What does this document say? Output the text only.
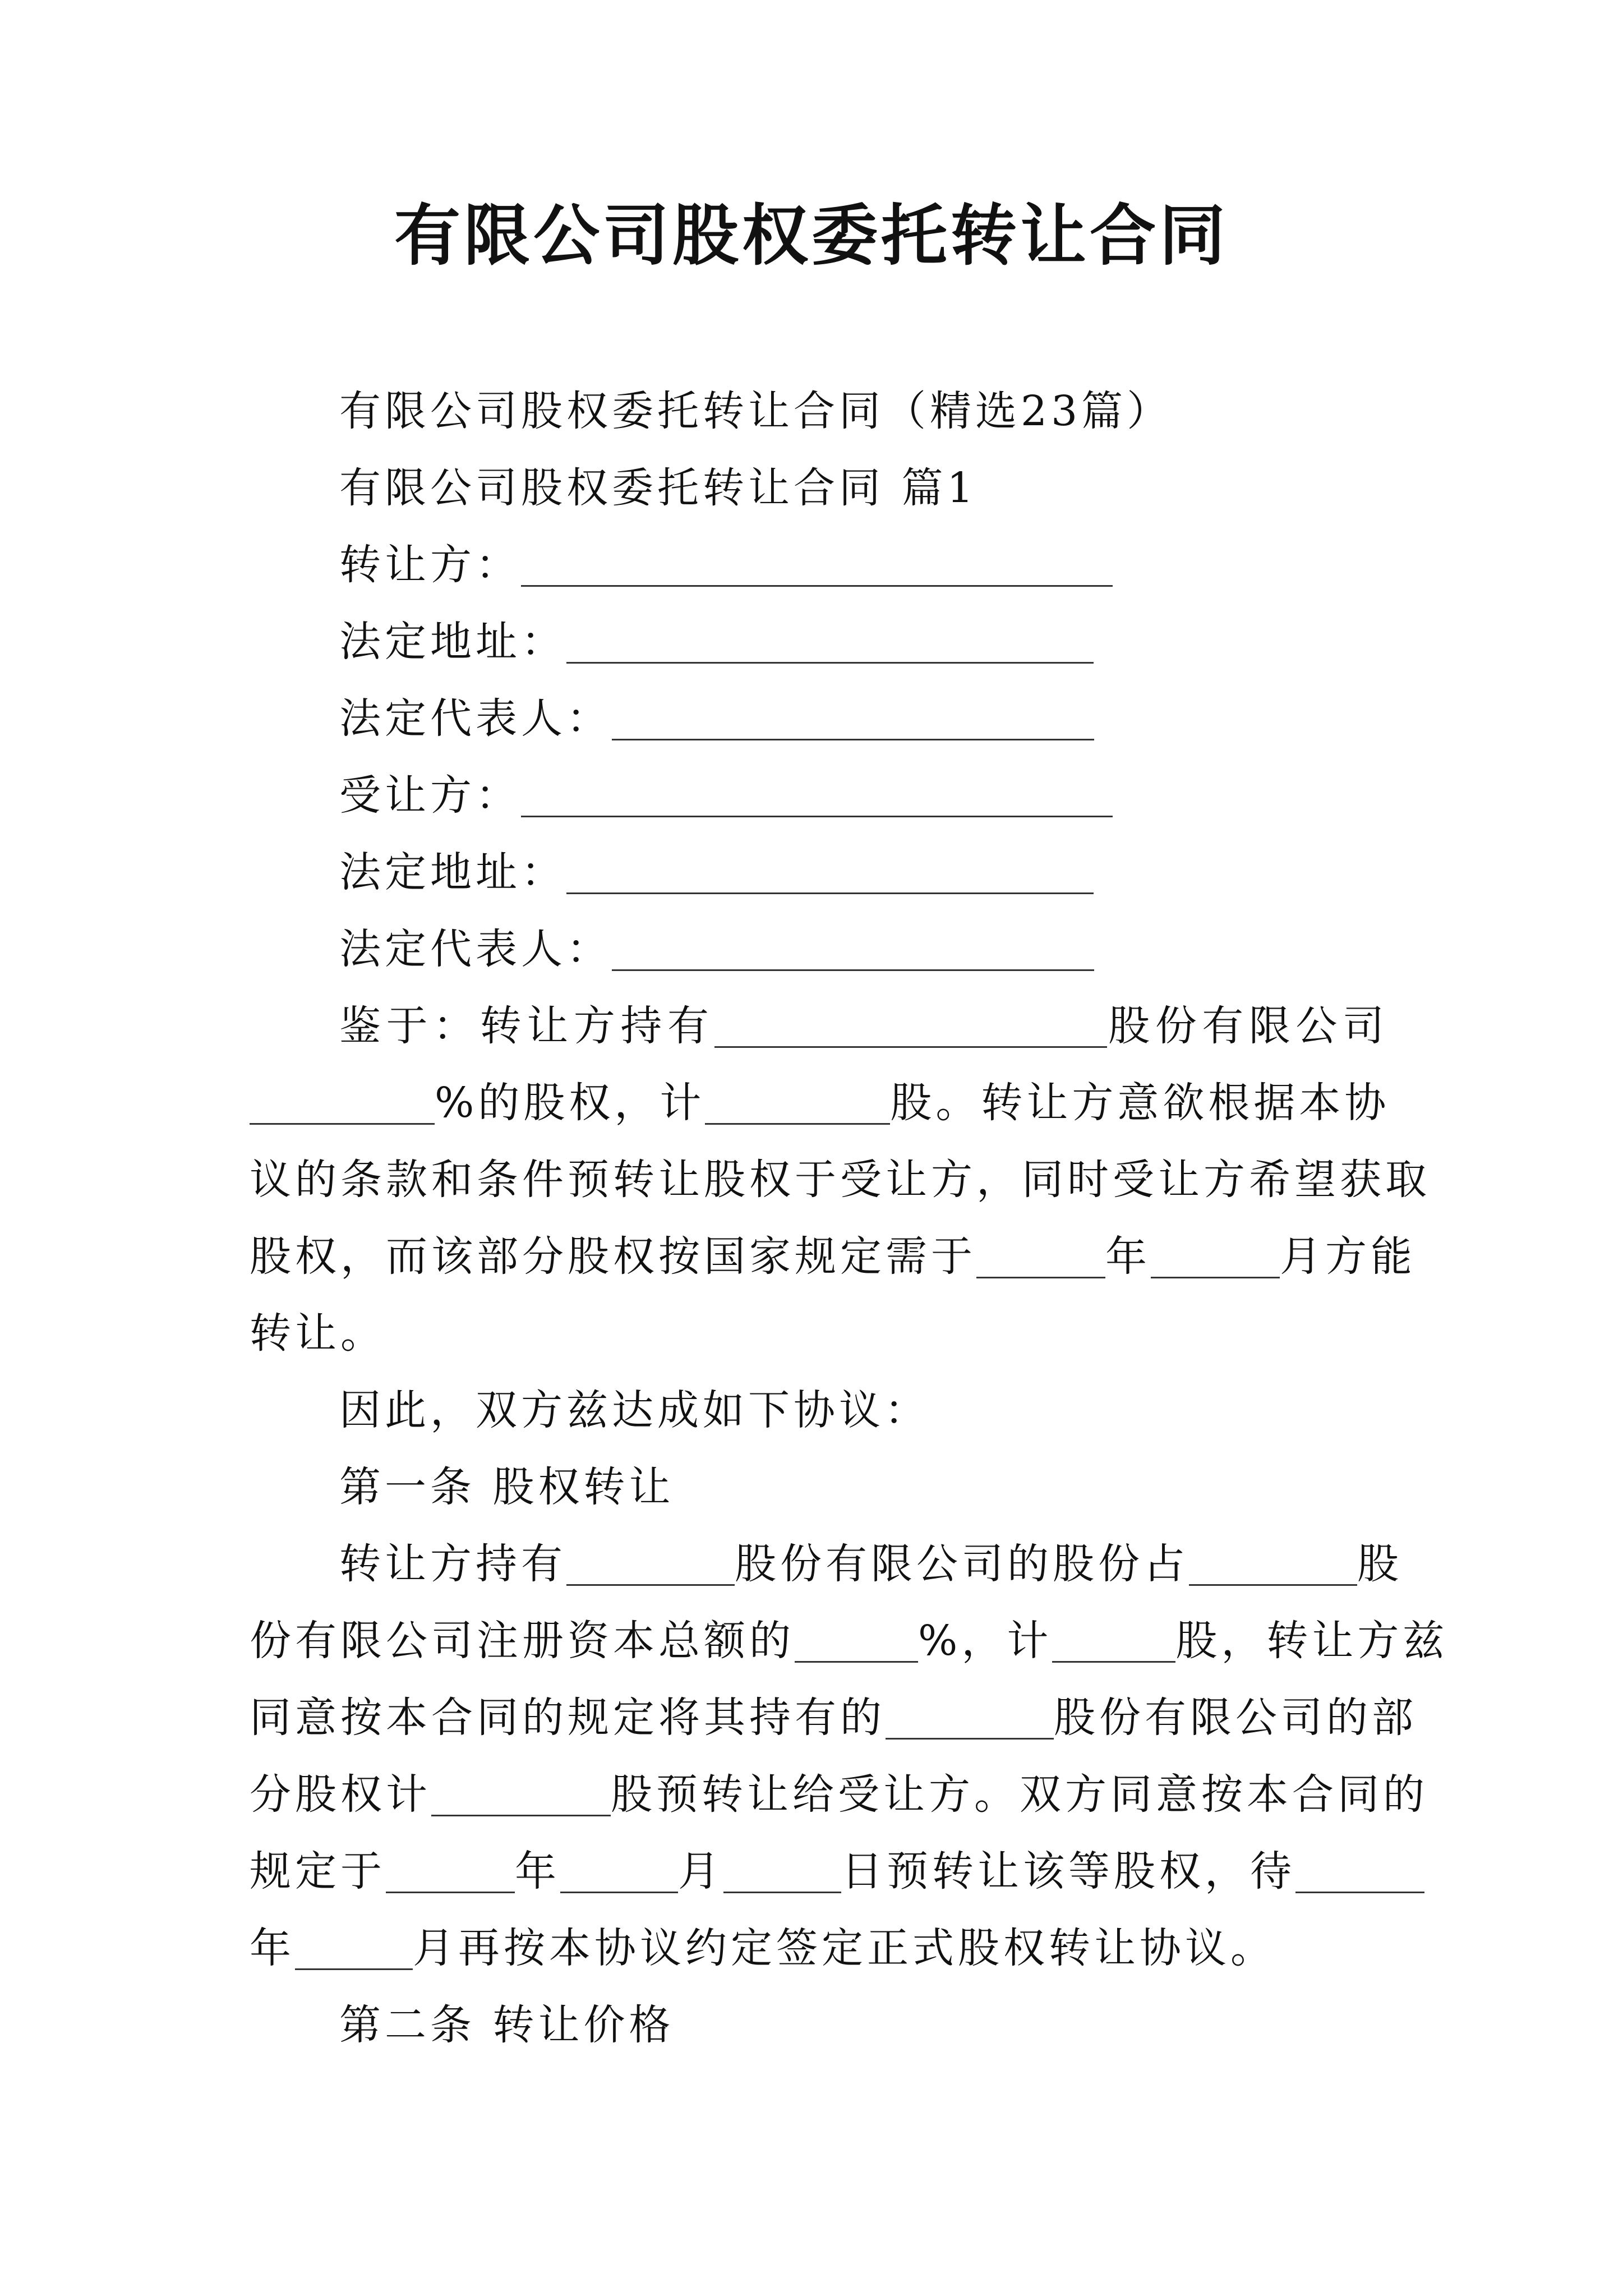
有限公司股权委托转让合同
有限公司股权委托转让合同（精选23篇）
有限公司股权委托转让合同 篇1
转让方：
法定地址：
法定代表人：
受让方：
法定地址：
法定代表人：
鉴于：转让方持有	股份有限公司
%的股权，计	股。转让方意欲根据本协
议的条款和条件预转让股权于受让方，同时受让方希望获取
股权，而该部分股权按国家规定需于	年	月方能
转让。
因此，双方兹达成如下协议：
第一条 股权转让
转让方持有	股份有限公司的股份占	股
份有限公司注册资本总额的	%，计	股，转让方兹
同意按本合同的规定将其持有的	股份有限公司的部
分股权计	股预转让给受让方。双方同意按本合同的
规定于	年	月	日预转让该等股权，待
年	月再按本协议约定签定正式股权转让协议。
第二条 转让价格
